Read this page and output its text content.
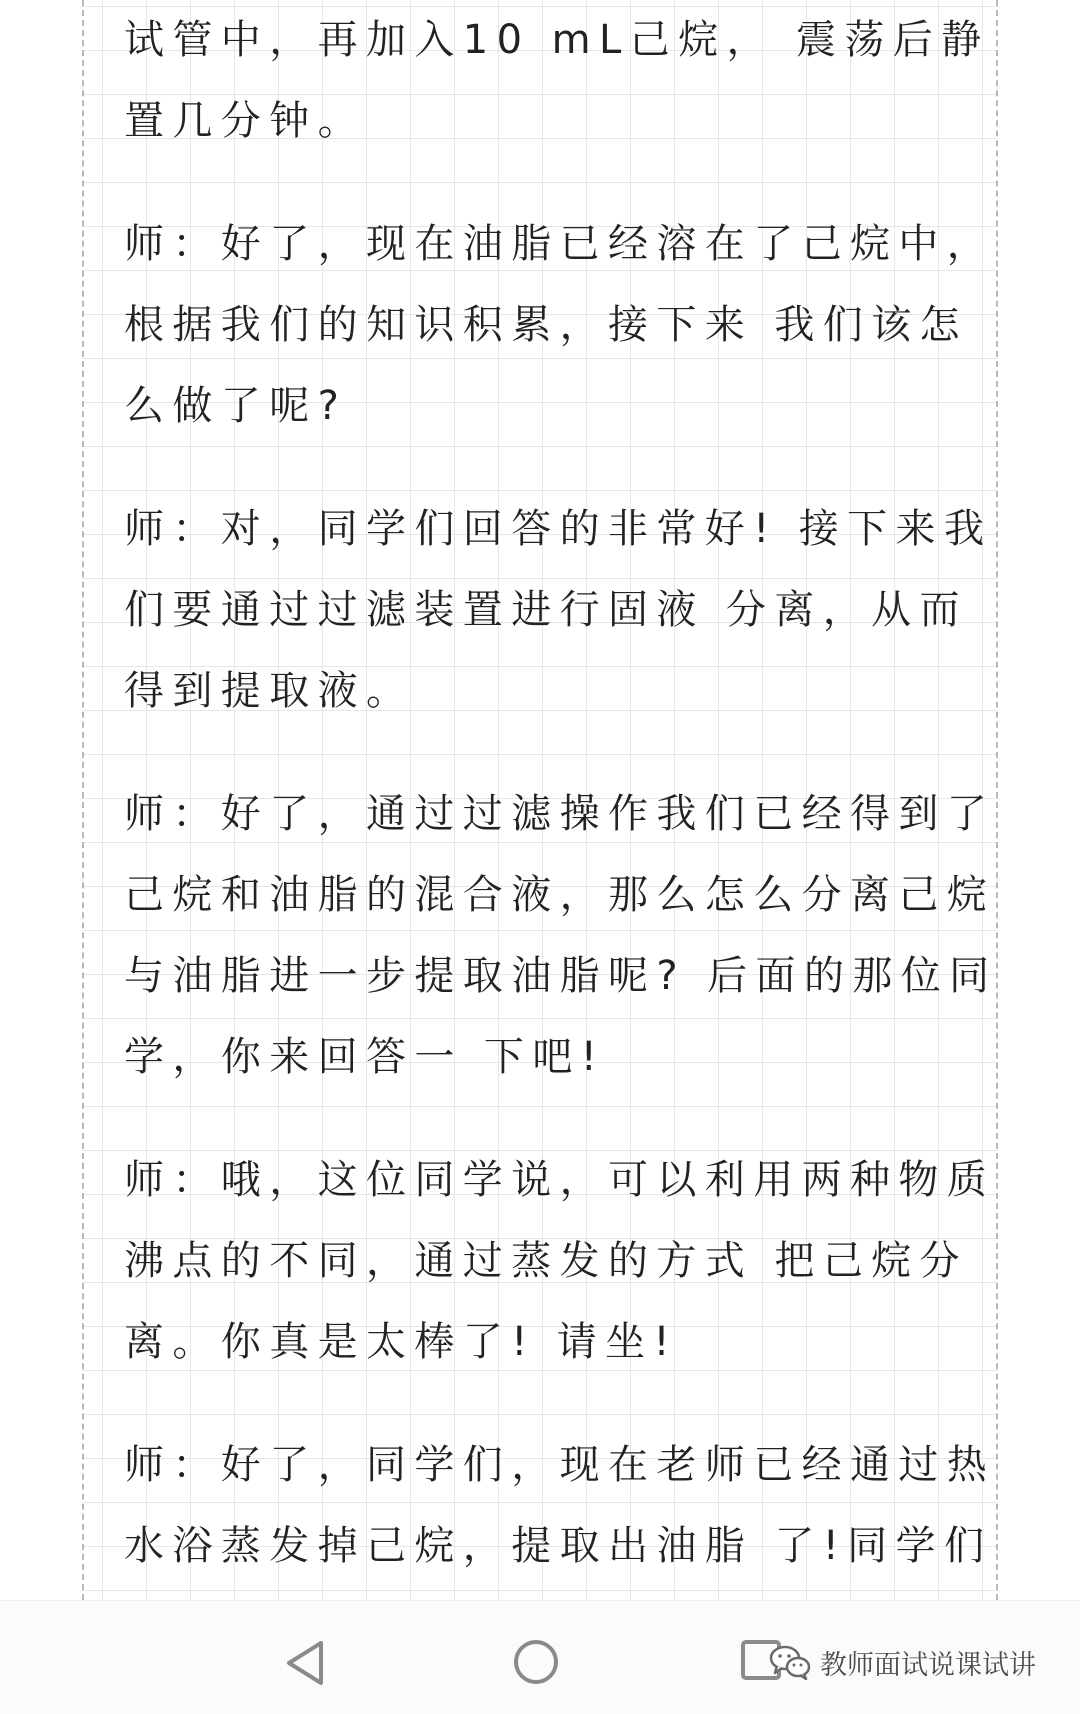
试管中，再加入10 mL己烷， 震荡后静
置几分钟。

师：好了，现在油脂已经溶在了己烷中，
根据我们的知识积累，接下来 我们该怎
么做了呢?

师：对，同学们回答的非常好! 接下来我
们要通过过滤装置进行固液 分离，从而
得到提取液。

师：好了，通过过滤操作我们已经得到了
己烷和油脂的混合液，那么怎么分离己烷
与油脂进一步提取油脂呢? 后面的那位同
学，你来回答一 下吧!

师：哦，这位同学说，可以利用两种物质
沸点的不同，通过蒸发的方式 把己烷分
离。你真是太棒了! 请坐!

师：好了，同学们，现在老师已经通过热
水浴蒸发掉己烷，提取出油脂 了!同学们

教师面试说课试讲
